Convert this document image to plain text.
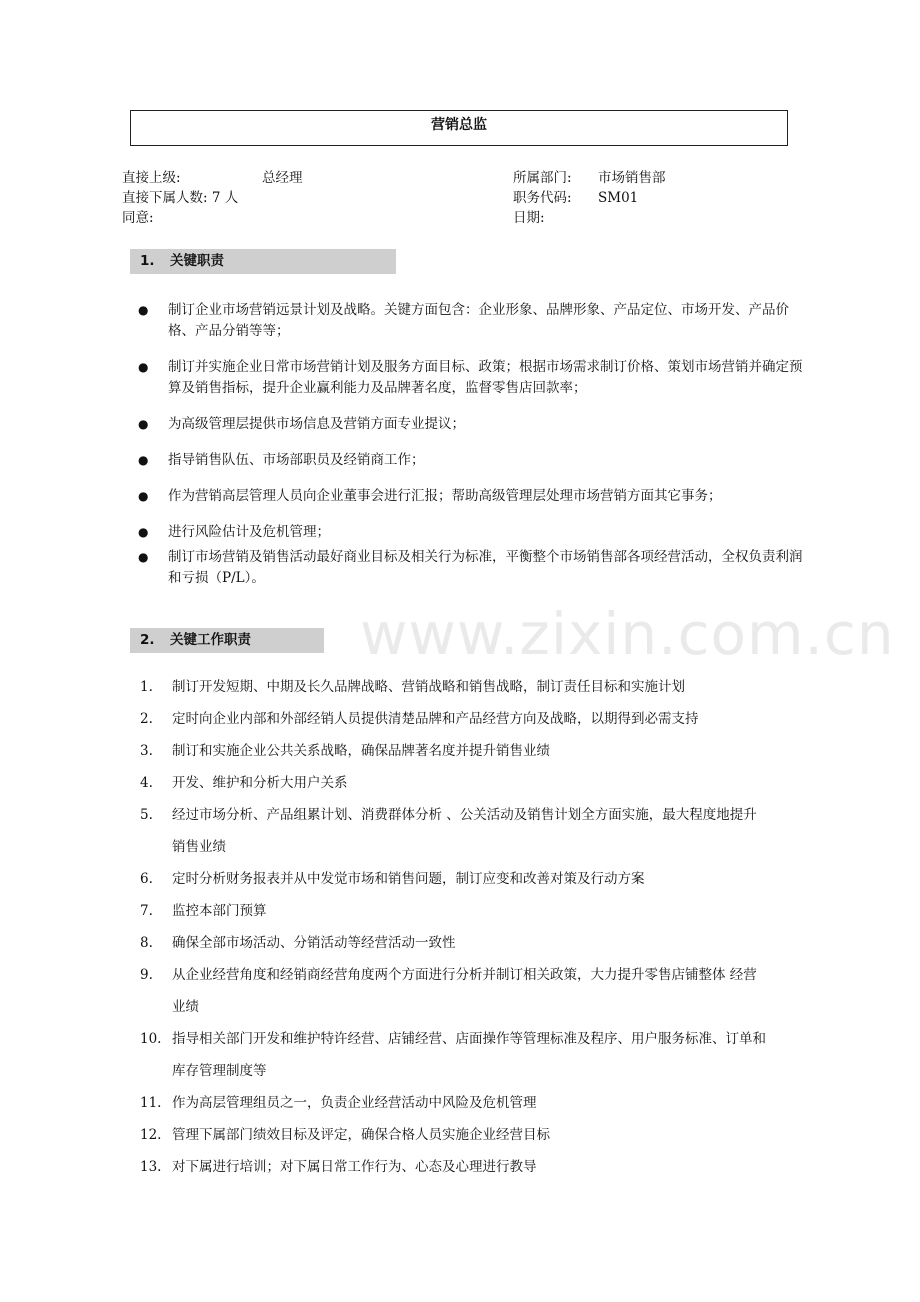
营销总监
直接上级:	总经理
直接下属人数: 7 人
同意:
所属部门: 市场销售部
职务代码: SM01
日期:
1. 关键职责
● 制订企业市场营销远景计划及战略。关键方面包含：企业形象、品牌形象、产品定位、市场开发、产品价格、产品分销等等；
● 制订并实施企业日常市场营销计划及服务方面目标、政策；根据市场需求制订价格、策划市场营销并确定预算及销售指标，提升企业赢利能力及品牌著名度，监督零售店回款率；
● 为高级管理层提供市场信息及营销方面专业提议；
● 指导销售队伍、市场部职员及经销商工作；
● 作为营销高层管理人员向企业董事会进行汇报；帮助高级管理层处理市场营销方面其它事务；
● 进行风险估计及危机管理；
● 制订市场营销及销售活动最好商业目标及相关行为标准，平衡整个市场销售部各项经营活动，全权负责利润和亏损（P/L）。
www.zixin.com.cn
2. 关键工作职责
1. 制订开发短期、中期及长久品牌战略、营销战略和销售战略，制订责任目标和实施计划
2. 定时向企业内部和外部经销人员提供清楚品牌和产品经营方向及战略，以期得到必需支持
3. 制订和实施企业公共关系战略，确保品牌著名度并提升销售业绩
4. 开发、维护和分析大用户关系
5. 经过市场分析、产品组累计划、消费群体分析 、公关活动及销售计划全方面实施，最大程度地提升销售业绩
6. 定时分析财务报表并从中发觉市场和销售问题，制订应变和改善对策及行动方案
7. 监控本部门预算
8. 确保全部市场活动、分销活动等经营活动一致性
9. 从企业经营角度和经销商经营角度两个方面进行分析并制订相关政策，大力提升零售店铺整体 经营业绩
10. 指导相关部门开发和维护特许经营、店铺经营、店面操作等管理标准及程序、用户服务标准、订单和库存管理制度等
11. 作为高层管理组员之一，负责企业经营活动中风险及危机管理
12. 管理下属部门绩效目标及评定，确保合格人员实施企业经营目标
13. 对下属进行培训；对下属日常工作行为、心态及心理进行教导
